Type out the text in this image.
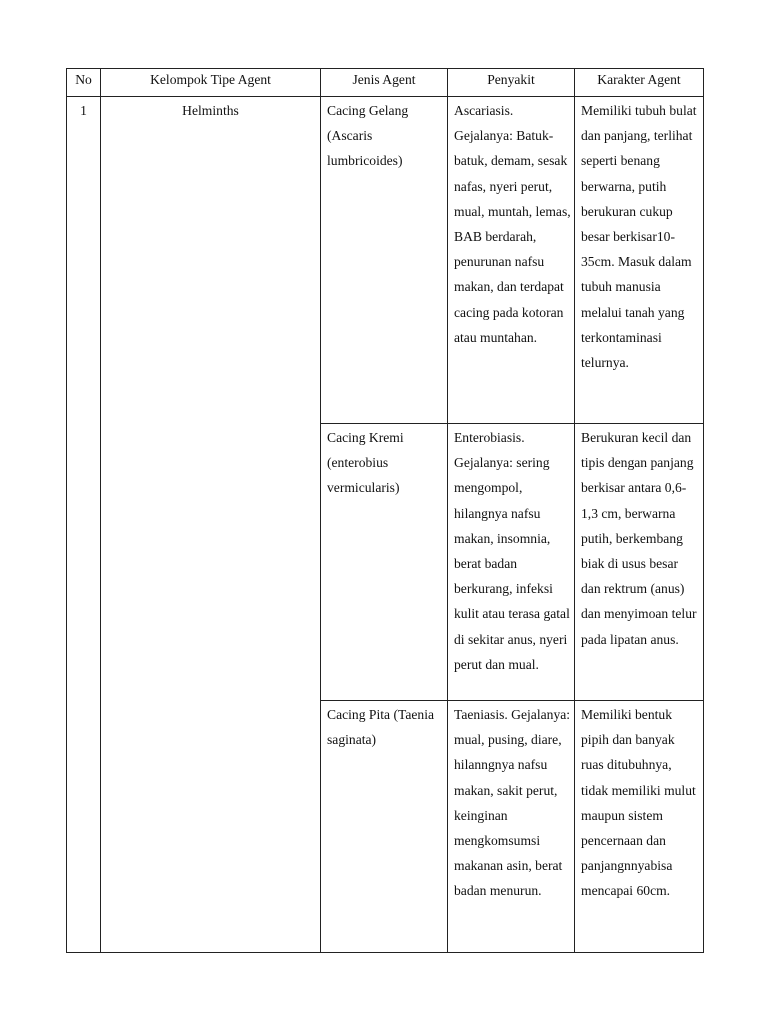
No	Kelompok Tipe Agent	Jenis Agent	Penyakit	Karakter Agent
1	Helminths	Cacing Gelang (Ascaris lumbricoides)	Ascariasis. Gejalanya: Batuk-batuk, demam, sesak nafas, nyeri perut, mual, muntah, lemas, BAB berdarah, penurunan nafsu makan, dan terdapat cacing pada kotoran atau muntahan.	Memiliki tubuh bulat dan panjang, terlihat seperti benang berwarna, putih berukuran cukup besar berkisar10-35cm. Masuk dalam tubuh manusia melalui tanah yang terkontaminasi telurnya.
		Cacing Kremi (enterobius vermicularis)	Enterobiasis. Gejalanya: sering mengompol, hilangnya nafsu makan, insomnia, berat badan berkurang, infeksi kulit atau terasa gatal di sekitar anus, nyeri perut dan mual.	Berukuran kecil dan tipis dengan panjang berkisar antara 0,6-1,3 cm, berwarna putih, berkembang biak di usus besar dan rektrum (anus) dan menyimoan telur pada lipatan anus.
		Cacing Pita (Taenia saginata)	Taeniasis. Gejalanya: mual, pusing, diare, hilanngnya nafsu makan, sakit perut, keinginan mengkomsumsi makanan asin, berat badan menurun.	Memiliki bentuk pipih dan banyak ruas ditubuhnya, tidak memiliki mulut maupun sistem pencernaan dan panjangnnyabisa mencapai 60cm.
